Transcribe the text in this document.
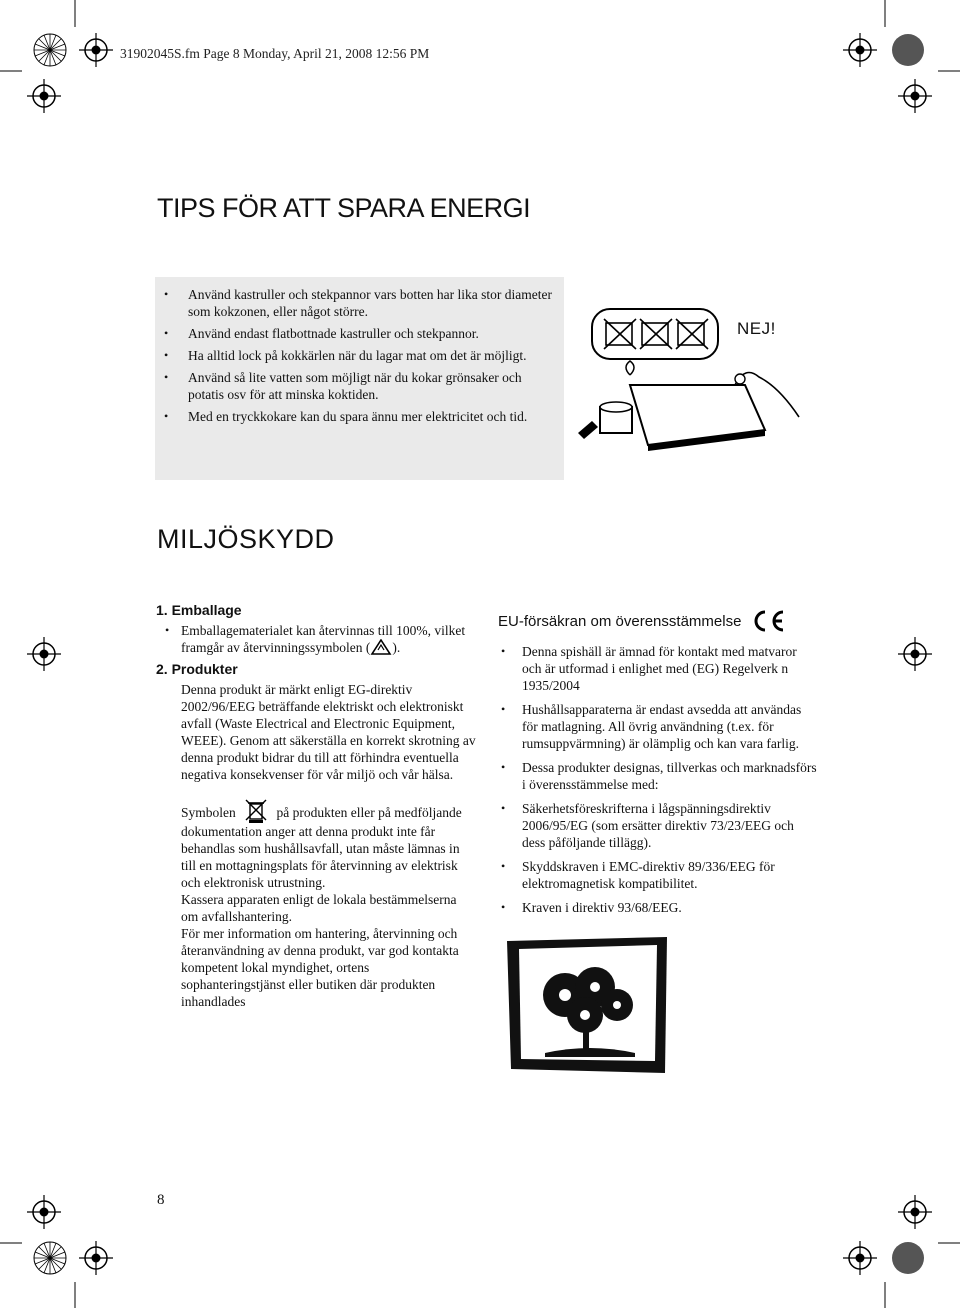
31902045S.fm Page 8 Monday, April 21, 2008 12:56 PM
TIPS FÖR ATT SPARA ENERGI
• Använd kastruller och stekpannor vars botten har lika stor diameter som kokzonen, eller något större.
• Använd endast flatbottnade kastruller och stekpannor.
• Ha alltid lock på kokkärlen när du lagar mat om det är möjligt.
• Använd så lite vatten som möjligt när du kokar grönsaker och potatis osv för att minska koktiden.
• Med en tryckkokare kan du spara ännu mer elektricitet och tid.
NEJ!
MILJÖSKYDD
1. Emballage
• Emballagematerialet kan återvinnas till 100%, vilket framgår av återvinningssymbolen ( ).
2. Produkter

Denna produkt är märkt enligt EG-direktiv 2002/96/EEG beträffande elektriskt och elektroniskt avfall (Waste Electrical and Electronic Equipment, WEEE). Genom att säkerställa en korrekt skrotning av denna produkt bidrar du till att förhindra eventuella negativa konsekvenser för vår miljö och vår hälsa.

Symbolen	på produkten eller på medföljande dokumentation anger att denna produkt inte får behandlas som hushållsavfall, utan måste lämnas in till en mottagningsplats för återvinning av elektrisk och elektronisk utrustning.

Kassera apparaten enligt de lokala bestämmelserna om avfallshantering.

För mer information om hantering, återvinning och återanvändning av denna produkt, var god kontakta kompetent lokal myndighet, ortens sophanteringstjänst eller butiken där produkten inhandlades

EU-försäkran om överensstämmelse
• Denna spishäll är ämnad för kontakt med matvaror och är utformad i enlighet med (EG) Regelverk n 1935/2004
• Hushållsapparaterna är endast avsedda att användas för matlagning. All övrig användning (t.ex. för rumsuppvärmning) är olämplig och kan vara farlig.
• Dessa produkter designas, tillverkas och marknadsförs i överensstämmelse med:
• Säkerhetsföreskrifterna i lågspänningsdirektiv 2006/95/EG (som ersätter direktiv 73/23/EEG och dess påföljande tillägg).
• Skyddskraven i EMC-direktiv 89/336/EEG för elektromagnetisk kompatibilitet.
• Kraven i direktiv 93/68/EEG.
8
